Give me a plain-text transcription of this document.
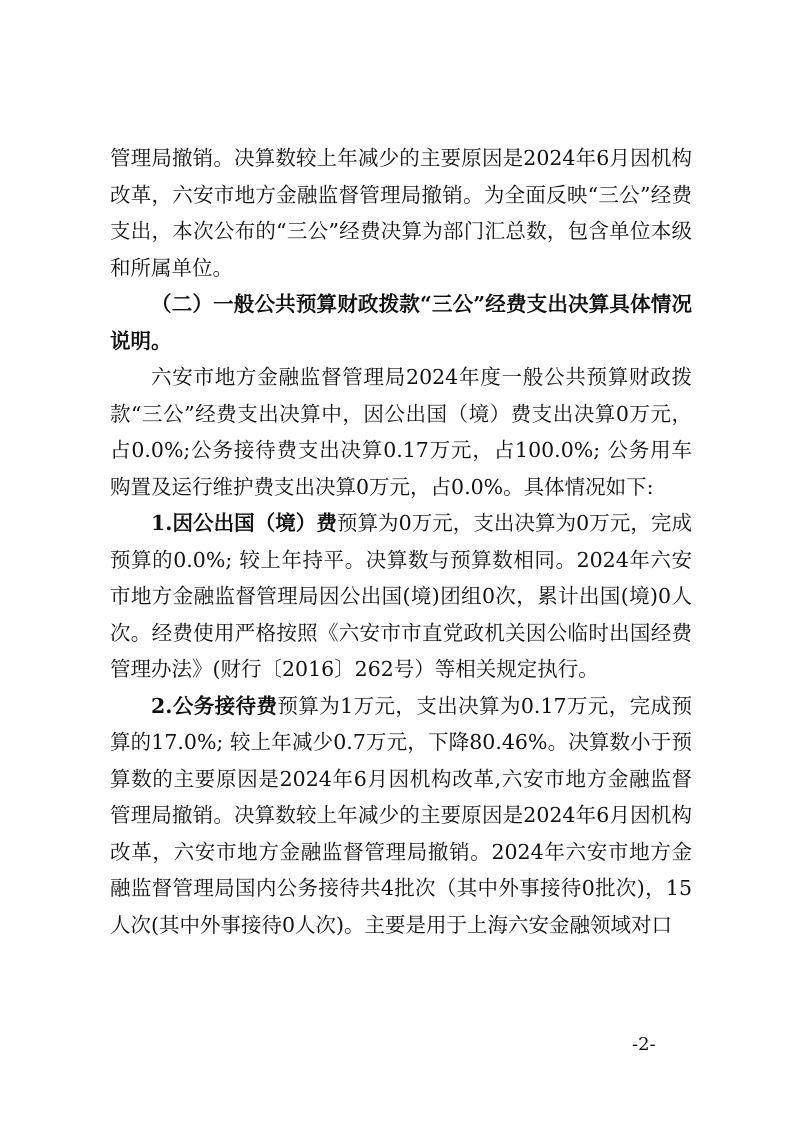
管理局撤销。决算数较上年减少的主要原因是2024年6月因机构改革，六安市地方金融监督管理局撤销。为全面反映“三公”经费支出，本次公布的“三公”经费决算为部门汇总数，包含单位本级和所属单位。

（二）一般公共预算财政拨款“三公”经费支出决算具体情况说明。

六安市地方金融监督管理局2024年度一般公共预算财政拨款“三公”经费支出决算中，因公出国（境）费支出决算0万元，占0.0%;公务接待费支出决算0.17万元，占100.0%; 公务用车购置及运行维护费支出决算0万元，占0.0%。具体情况如下:

1.因公出国（境）费预算为0万元，支出决算为0万元，完成预算的0.0%; 较上年持平。决算数与预算数相同。2024年六安市地方金融监督管理局因公出国(境)团组0次，累计出国(境)0人次。经费使用严格按照《六安市市直党政机关因公临时出国经费管理办法》(财行〔2016〕262号）等相关规定执行。

2.公务接待费预算为1万元，支出决算为0.17万元，完成预算的17.0%; 较上年减少0.7万元，下降80.46%。决算数小于预算数的主要原因是2024年6月因机构改革,六安市地方金融监督管理局撤销。决算数较上年减少的主要原因是2024年6月因机构改革，六安市地方金融监督管理局撤销。2024年六安市地方金融监督管理局国内公务接待共4批次（其中外事接待0批次)，15人次(其中外事接待0人次)。主要是用于上海六安金融领域对口

-2-
